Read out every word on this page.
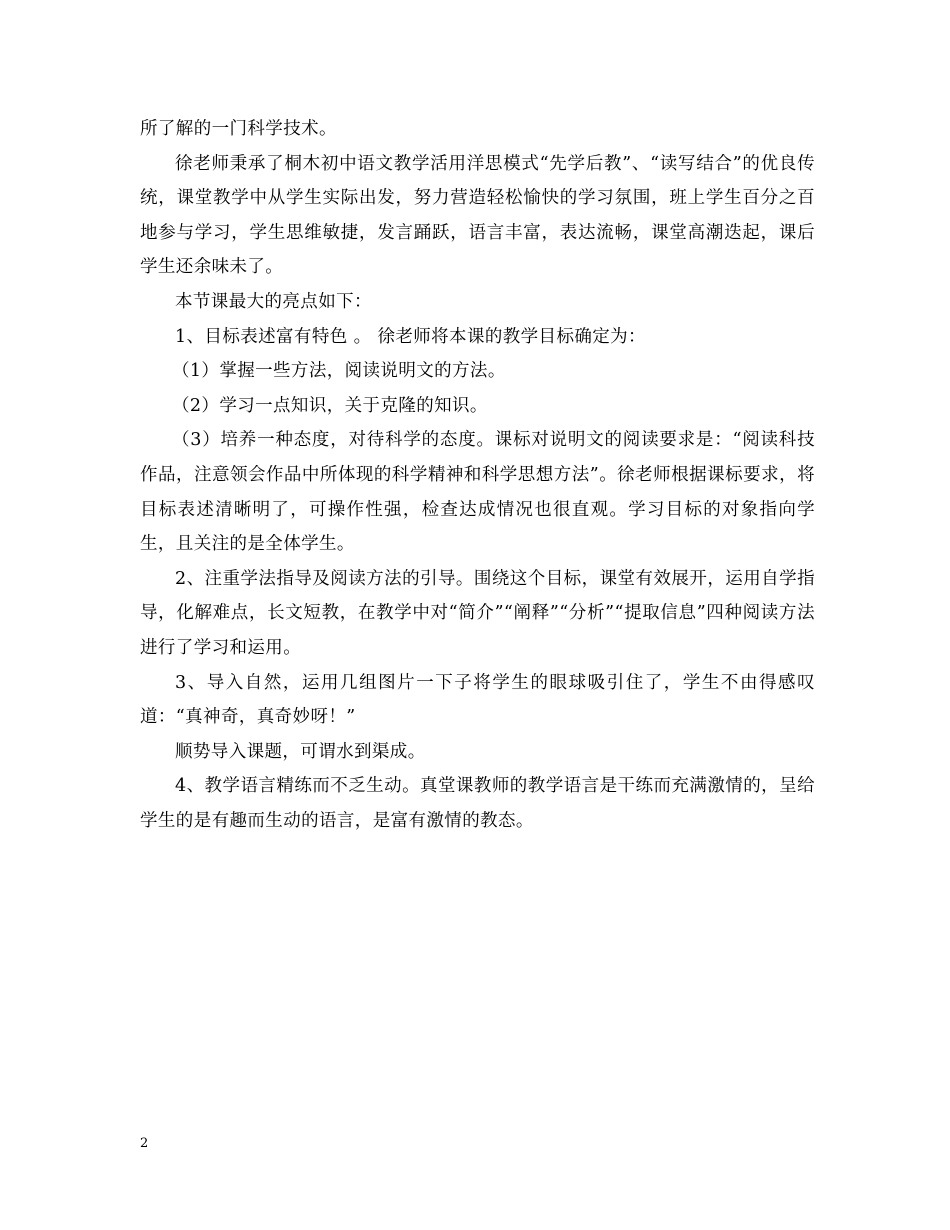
所了解的一门科学技术。

徐老师秉承了桐木初中语文教学活用洋思模式“先学后教”、“读写结合”的优良传统，课堂教学中从学生实际出发，努力营造轻松愉快的学习氛围，班上学生百分之百地参与学习，学生思维敏捷，发言踊跃，语言丰富，表达流畅，课堂高潮迭起，课后学生还余味未了。

本节课最大的亮点如下：

1、目标表述富有特色 。 徐老师将本课的教学目标确定为：

（1）掌握一些方法，阅读说明文的方法。

（2）学习一点知识，关于克隆的知识。

（3）培养一种态度，对待科学的态度。课标对说明文的阅读要求是：“阅读科技作品，注意领会作品中所体现的科学精神和科学思想方法”。徐老师根据课标要求，将目标表述清晰明了，可操作性强，检查达成情况也很直观。学习目标的对象指向学生，且关注的是全体学生。

2、注重学法指导及阅读方法的引导。围绕这个目标，课堂有效展开，运用自学指导，化解难点，长文短教，在教学中对“简介”“阐释”“分析”“提取信息”四种阅读方法进行了学习和运用。

3、导入自然，运用几组图片一下子将学生的眼球吸引住了，学生不由得感叹道：“真神奇，真奇妙呀！”

顺势导入课题，可谓水到渠成。

4、教学语言精练而不乏生动。真堂课教师的教学语言是干练而充满激情的，呈给学生的是有趣而生动的语言，是富有激情的教态。

2
